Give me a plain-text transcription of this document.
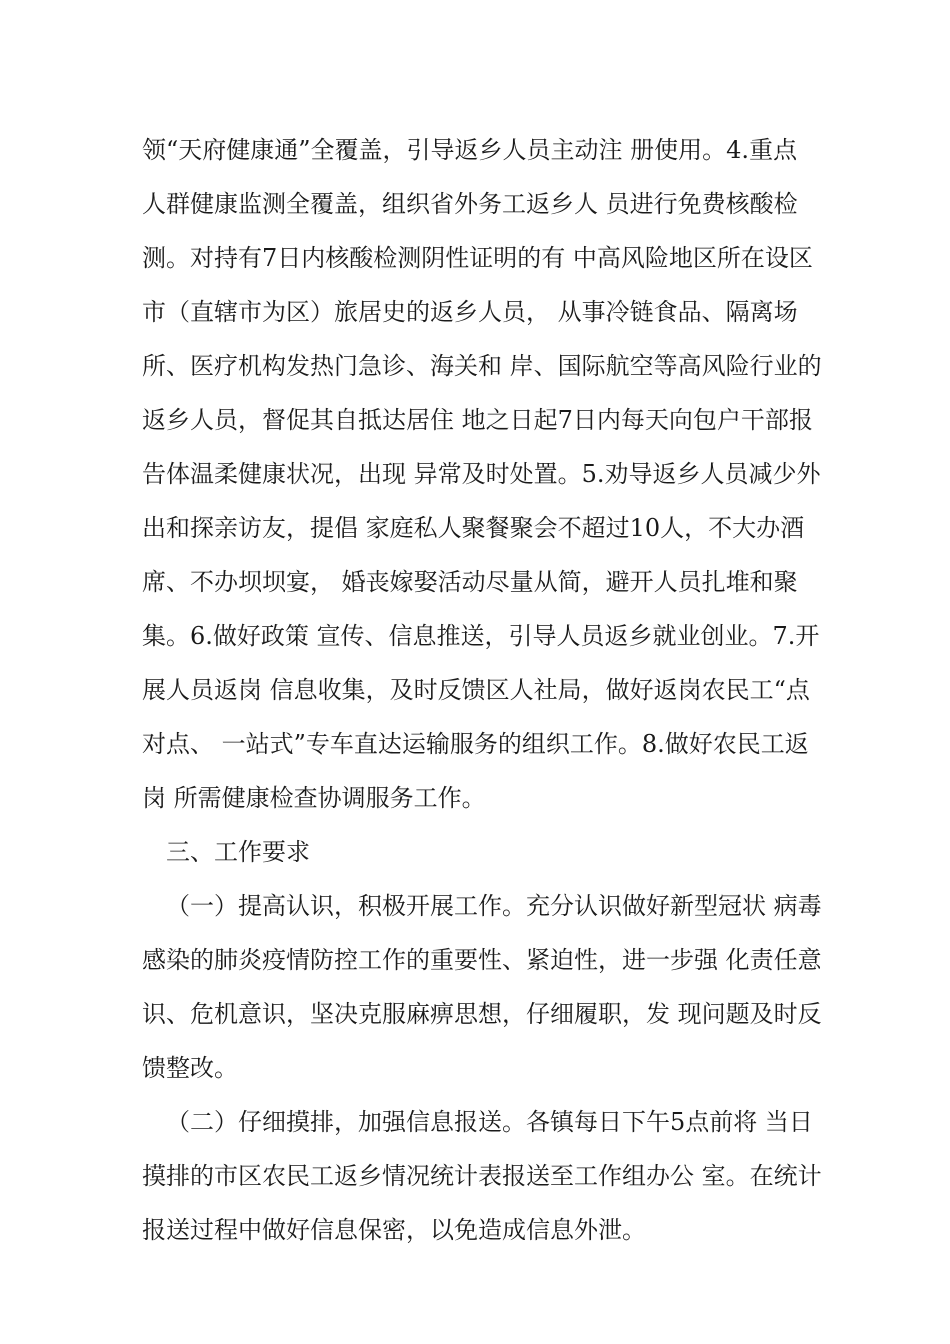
领“天府健康通”全覆盖，引导返乡人员主动注 册使用。4.重点
人群健康监测全覆盖，组织省外务工返乡人 员进行免费核酸检
测。对持有7日内核酸检测阴性证明的有 中高风险地区所在设区
市（直辖市为区）旅居史的返乡人员， 从事冷链食品、隔离场
所、医疗机构发热门急诊、海关和 岸、国际航空等高风险行业的
返乡人员，督促其自抵达居住 地之日起7日内每天向包户干部报
告体温柔健康状况，出现 异常及时处置。5.劝导返乡人员减少外
出和探亲访友，提倡 家庭私人聚餐聚会不超过10人，不大办酒
席、不办坝坝宴， 婚丧嫁娶活动尽量从简，避开人员扎堆和聚
集。6.做好政策 宣传、信息推送，引导人员返乡就业创业。7.开
展人员返岗 信息收集，及时反馈区人社局，做好返岗农民工“点
对点、 一站式”专车直达运输服务的组织工作。8.做好农民工返
岗 所需健康检查协调服务工作。
三、工作要求
（一）提高认识，积极开展工作。充分认识做好新型冠状 病毒
感染的肺炎疫情防控工作的重要性、紧迫性，进一步强 化责任意
识、危机意识，坚决克服麻痹思想，仔细履职，发 现问题及时反
馈整改。
（二）仔细摸排，加强信息报送。各镇每日下午5点前将 当日
摸排的市区农民工返乡情况统计表报送至工作组办公 室。在统计
报送过程中做好信息保密，以免造成信息外泄。
